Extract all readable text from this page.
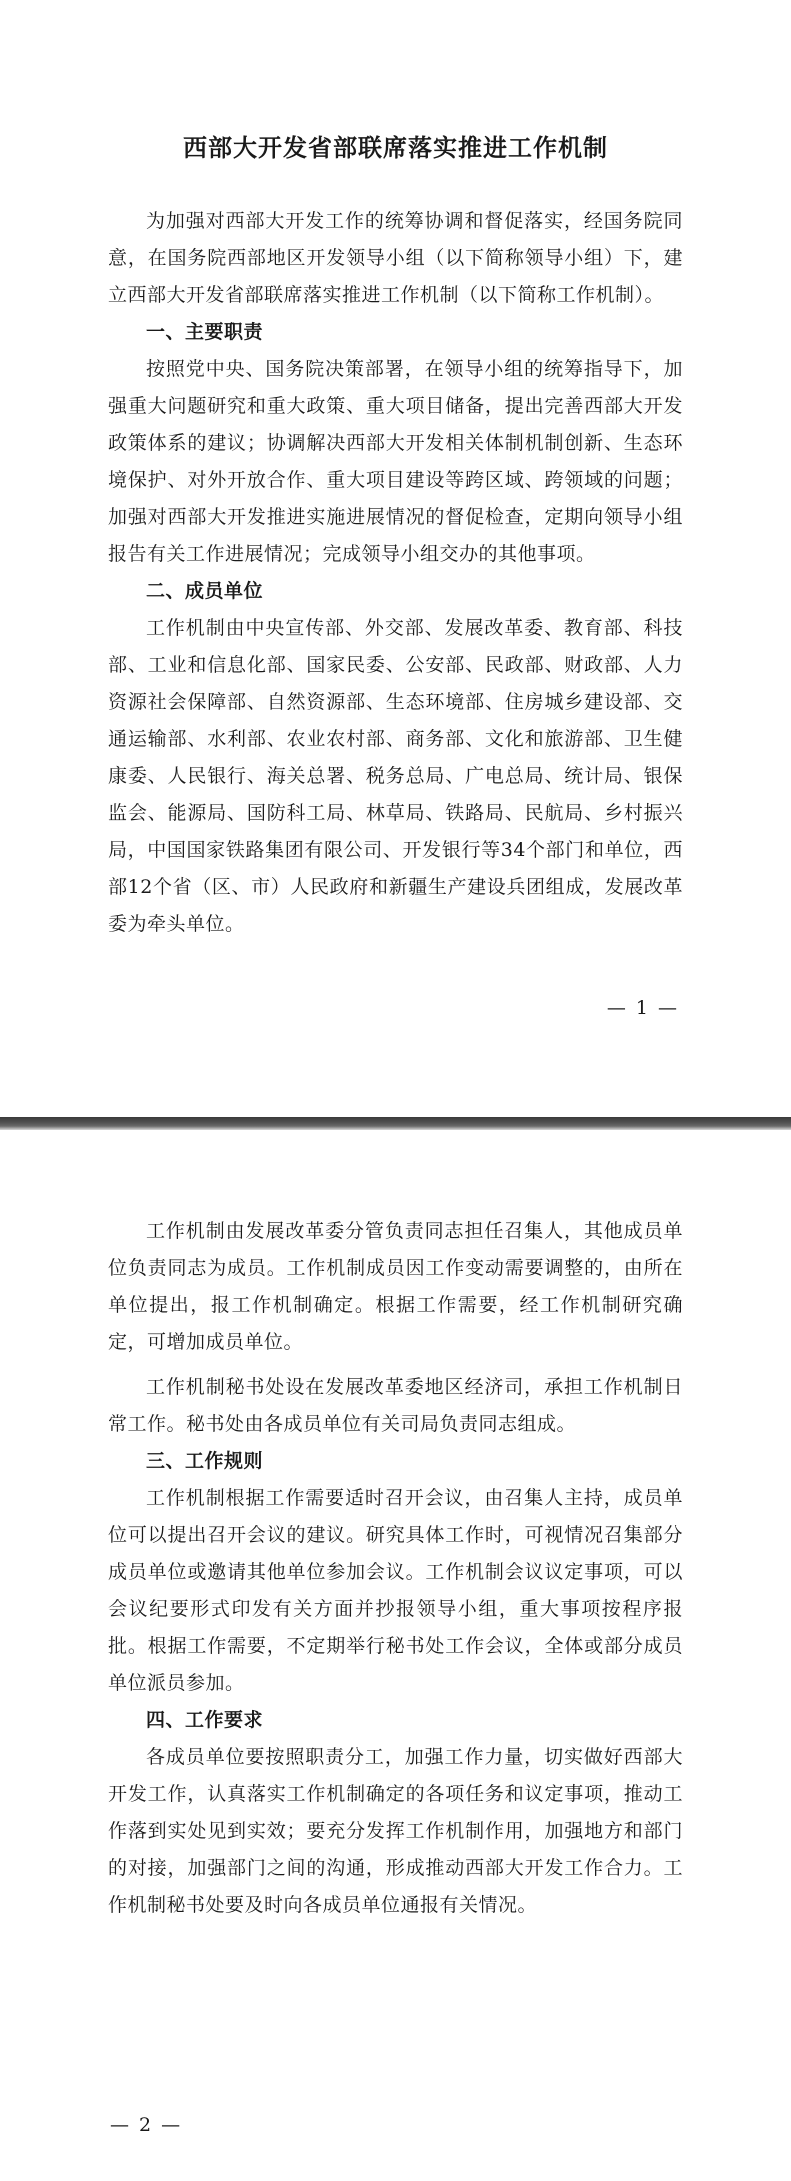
西部大开发省部联席落实推进工作机制

为加强对西部大开发工作的统筹协调和督促落实，经国务院同意，在国务院西部地区开发领导小组（以下简称领导小组）下，建立西部大开发省部联席落实推进工作机制（以下简称工作机制）。

一、主要职责

按照党中央、国务院决策部署，在领导小组的统筹指导下，加强重大问题研究和重大政策、重大项目储备，提出完善西部大开发政策体系的建议；协调解决西部大开发相关体制机制创新、生态环境保护、对外开放合作、重大项目建设等跨区域、跨领域的问题；加强对西部大开发推进实施进展情况的督促检查，定期向领导小组报告有关工作进展情况；完成领导小组交办的其他事项。

二、成员单位

工作机制由中央宣传部、外交部、发展改革委、教育部、科技部、工业和信息化部、国家民委、公安部、民政部、财政部、人力资源社会保障部、自然资源部、生态环境部、住房城乡建设部、交通运输部、水利部、农业农村部、商务部、文化和旅游部、卫生健康委、人民银行、海关总署、税务总局、广电总局、统计局、银保监会、能源局、国防科工局、林草局、铁路局、民航局、乡村振兴局，中国国家铁路集团有限公司、开发银行等34个部门和单位，西部12个省（区、市）人民政府和新疆生产建设兵团组成，发展改革委为牵头单位。

— 1 —

工作机制由发展改革委分管负责同志担任召集人，其他成员单位负责同志为成员。工作机制成员因工作变动需要调整的，由所在单位提出，报工作机制确定。根据工作需要，经工作机制研究确定，可增加成员单位。

工作机制秘书处设在发展改革委地区经济司，承担工作机制日常工作。秘书处由各成员单位有关司局负责同志组成。

三、工作规则

工作机制根据工作需要适时召开会议，由召集人主持，成员单位可以提出召开会议的建议。研究具体工作时，可视情况召集部分成员单位或邀请其他单位参加会议。工作机制会议议定事项，可以会议纪要形式印发有关方面并抄报领导小组，重大事项按程序报批。根据工作需要，不定期举行秘书处工作会议，全体或部分成员单位派员参加。

四、工作要求

各成员单位要按照职责分工，加强工作力量，切实做好西部大开发工作，认真落实工作机制确定的各项任务和议定事项，推动工作落到实处见到实效；要充分发挥工作机制作用，加强地方和部门的对接，加强部门之间的沟通，形成推动西部大开发工作合力。工作机制秘书处要及时向各成员单位通报有关情况。

— 2 —
